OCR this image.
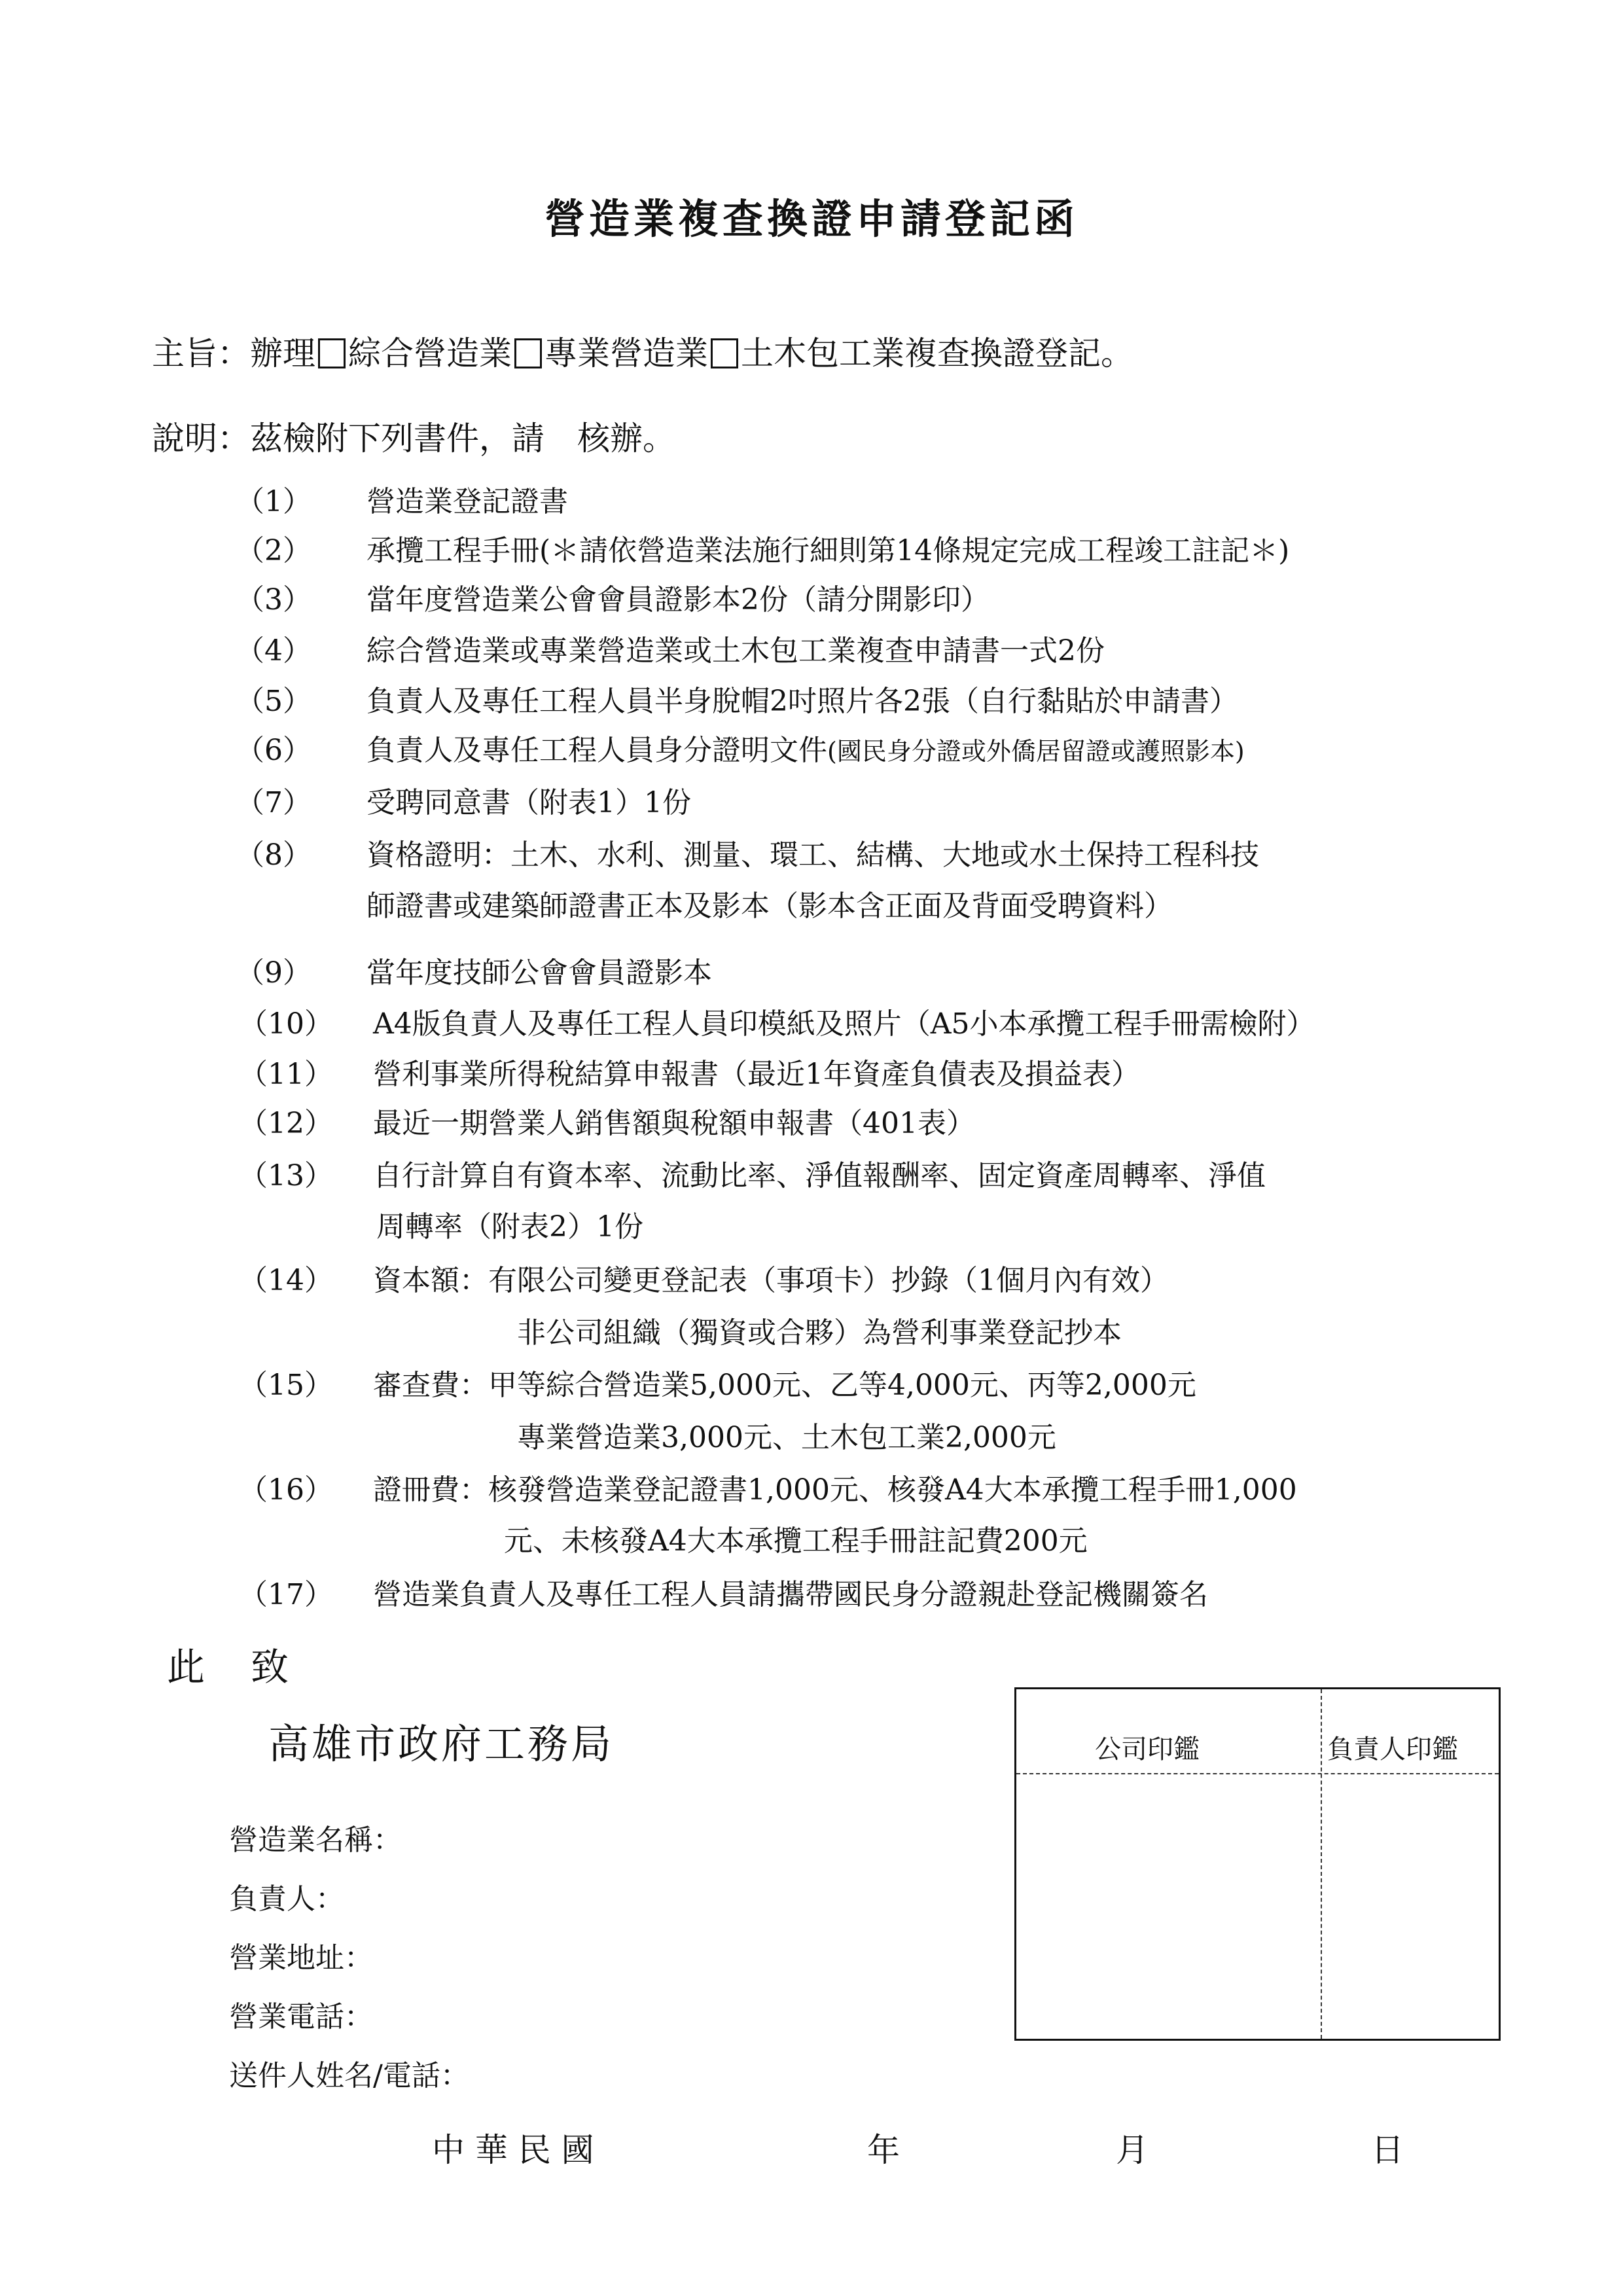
營造業複查換證申請登記函
主旨：辦理 綜合營造業 專業營造業 土木包工業複查換證登記。
說明：茲檢附下列書件，請　核辦。
（1） 營造業登記證書
（2） 承攬工程手冊(＊請依營造業法施行細則第14條規定完成工程竣工註記＊)
（3） 當年度營造業公會會員證影本2份（請分開影印）
（4） 綜合營造業或專業營造業或土木包工業複查申請書一式2份
（5） 負責人及專任工程人員半身脫帽2吋照片各2張（自行黏貼於申請書）
（6） 負責人及專任工程人員身分證明文件(國民身分證或外僑居留證或護照影本)
（7） 受聘同意書（附表1）1份
（8） 資格證明：土木、水利、測量、環工、結構、大地或水土保持工程科技
師證書或建築師證書正本及影本（影本含正面及背面受聘資料）
（9） 當年度技師公會會員證影本
（10） A4版負責人及專任工程人員印模紙及照片（A5小本承攬工程手冊需檢附）
（11） 營利事業所得稅結算申報書（最近1年資產負債表及損益表）
（12） 最近一期營業人銷售額與稅額申報書（401表）
（13） 自行計算自有資本率、流動比率、淨值報酬率、固定資產周轉率、淨值
周轉率（附表2）1份
（14） 資本額：有限公司變更登記表（事項卡）抄錄（1個月內有效）
非公司組織（獨資或合夥）為營利事業登記抄本
（15） 審查費：甲等綜合營造業5,000元、乙等4,000元、丙等2,000元
專業營造業3,000元、土木包工業2,000元
（16） 證冊費：核發營造業登記證書1,000元、核發A4大本承攬工程手冊1,000
元、未核發A4大本承攬工程手冊註記費200元
（17） 營造業負責人及專任工程人員請攜帶國民身分證親赴登記機關簽名
此致
高雄市政府工務局
營造業名稱：
負責人：
營業地址：
營業電話：
送件人姓名/電話：
公司印鑑	負責人印鑑
中 華 民 國	年	月	日
